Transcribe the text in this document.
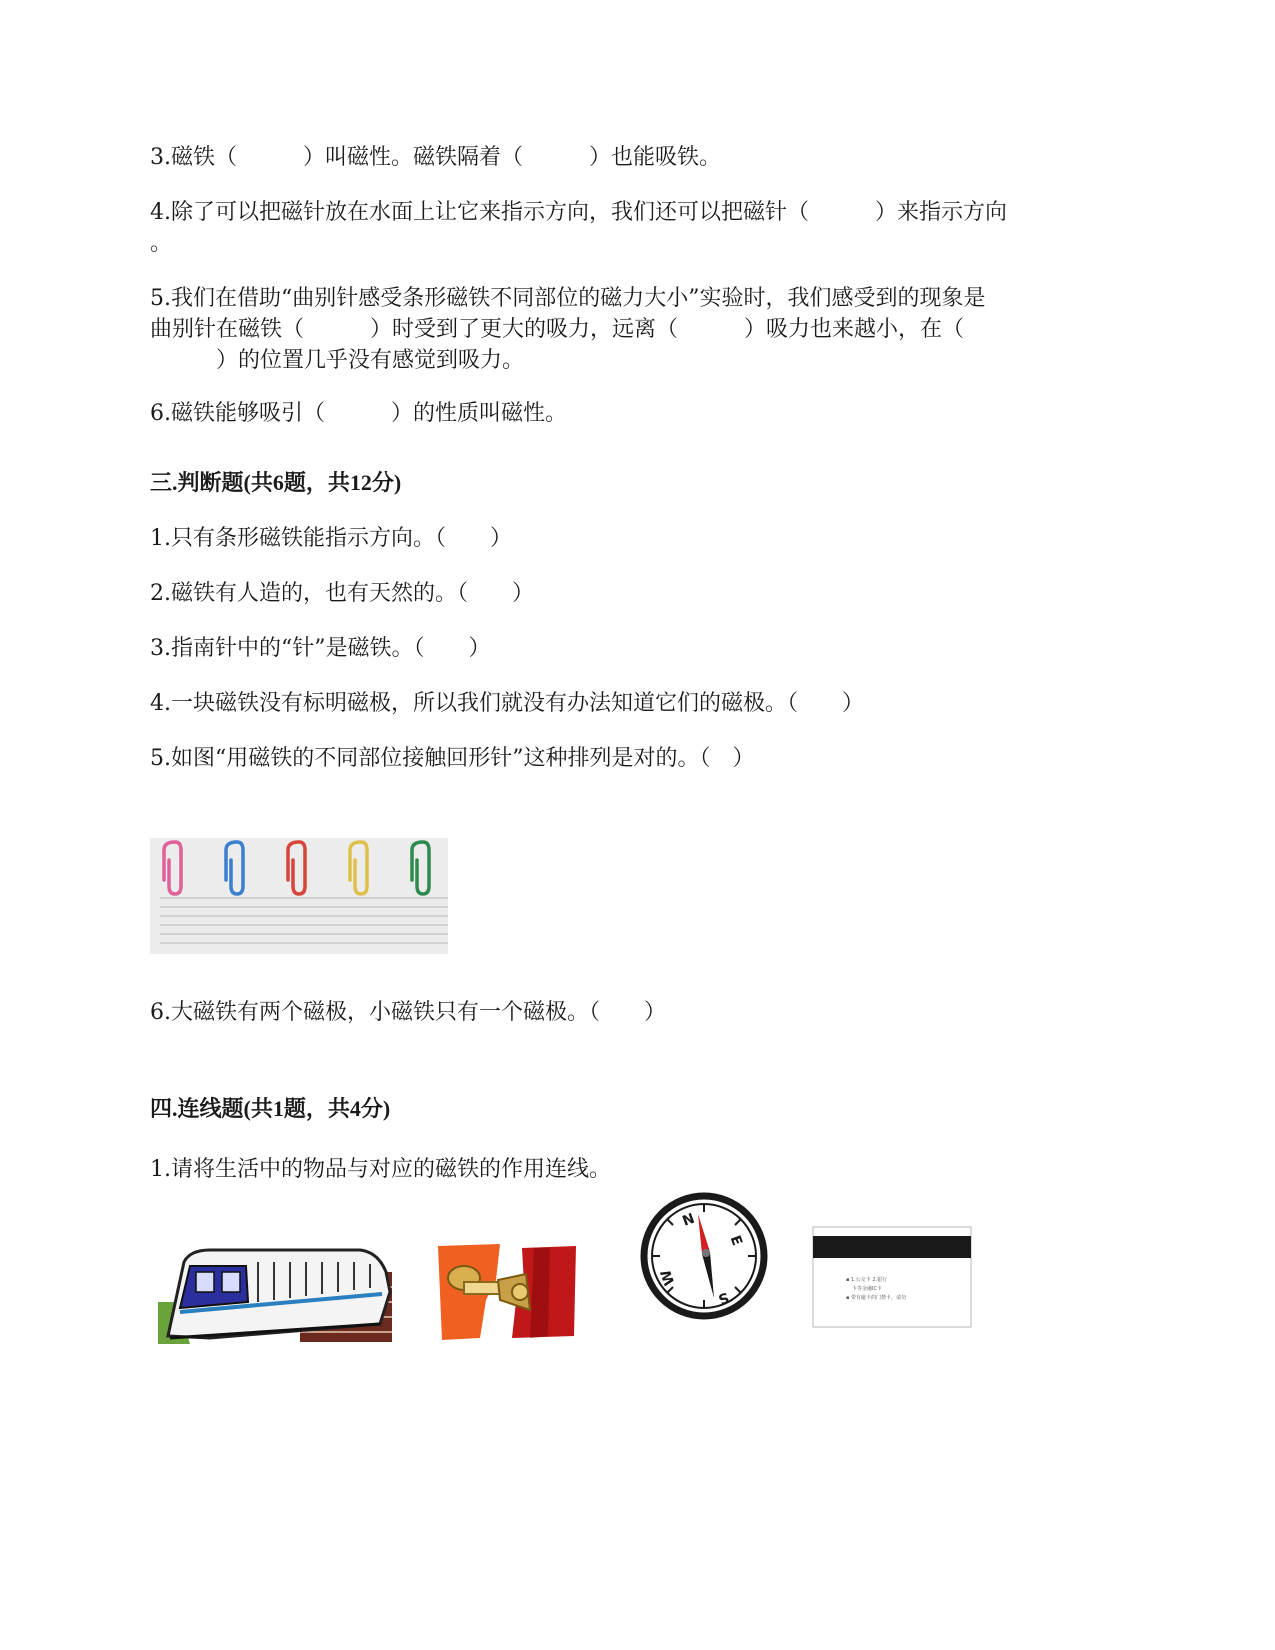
3.磁铁（　　　）叫磁性。磁铁隔着（　　　）也能吸铁。
4.除了可以把磁针放在水面上让它来指示方向，我们还可以把磁针（　　　）来指示方向
。
5.我们在借助“曲别针感受条形磁铁不同部位的磁力大小”实验时，我们感受到的现象是
曲别针在磁铁（　　　）时受到了更大的吸力，远离（　　　）吸力也来越小，在（
　　　）的位置几乎没有感觉到吸力。
6.磁铁能够吸引（　　　）的性质叫磁性。
三.判断题(共6题，共12分)
1.只有条形磁铁能指示方向。（　　）
2.磁铁有人造的，也有天然的。（　　）
3.指南针中的“针”是磁铁。（　　）
4.一块磁铁没有标明磁极，所以我们就没有办法知道它们的磁极。（　　）
5.如图“用磁铁的不同部位接触回形针”这种排列是对的。（　）
6.大磁铁有两个磁极，小磁铁只有一个磁极。（　　）
四.连线题(共1题，共4分)
1.请将生活中的物品与对应的磁铁的作用连线。
N
E
S
W	▪ 1.公交卡 2.银行
卡等金融IC卡
▪ 带有磁卡的门禁卡，请勿
